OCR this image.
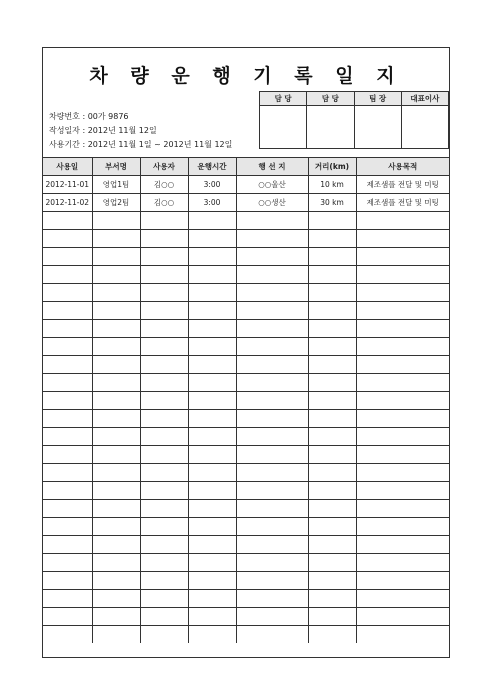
차 량 운 행 기 록 일 지
담 당	담 당	팀 장	대표이사

차량번호 : 00가 9876
작성일자 : 2012년 11월 12일
사용기간 : 2012년 11월 1일 ~ 2012년 11월 12일
사용일	부서명	사용자	운행시간	행 선 지	거리(km)	사용목적
2012-11-01	영업1팀	김○○	3:00	○○울산	10 km	제조샘플 전달 및 미팅
2012-11-02	영업2팀	김○○	3:00	○○생산	30 km	제조샘플 전달 및 미팅
